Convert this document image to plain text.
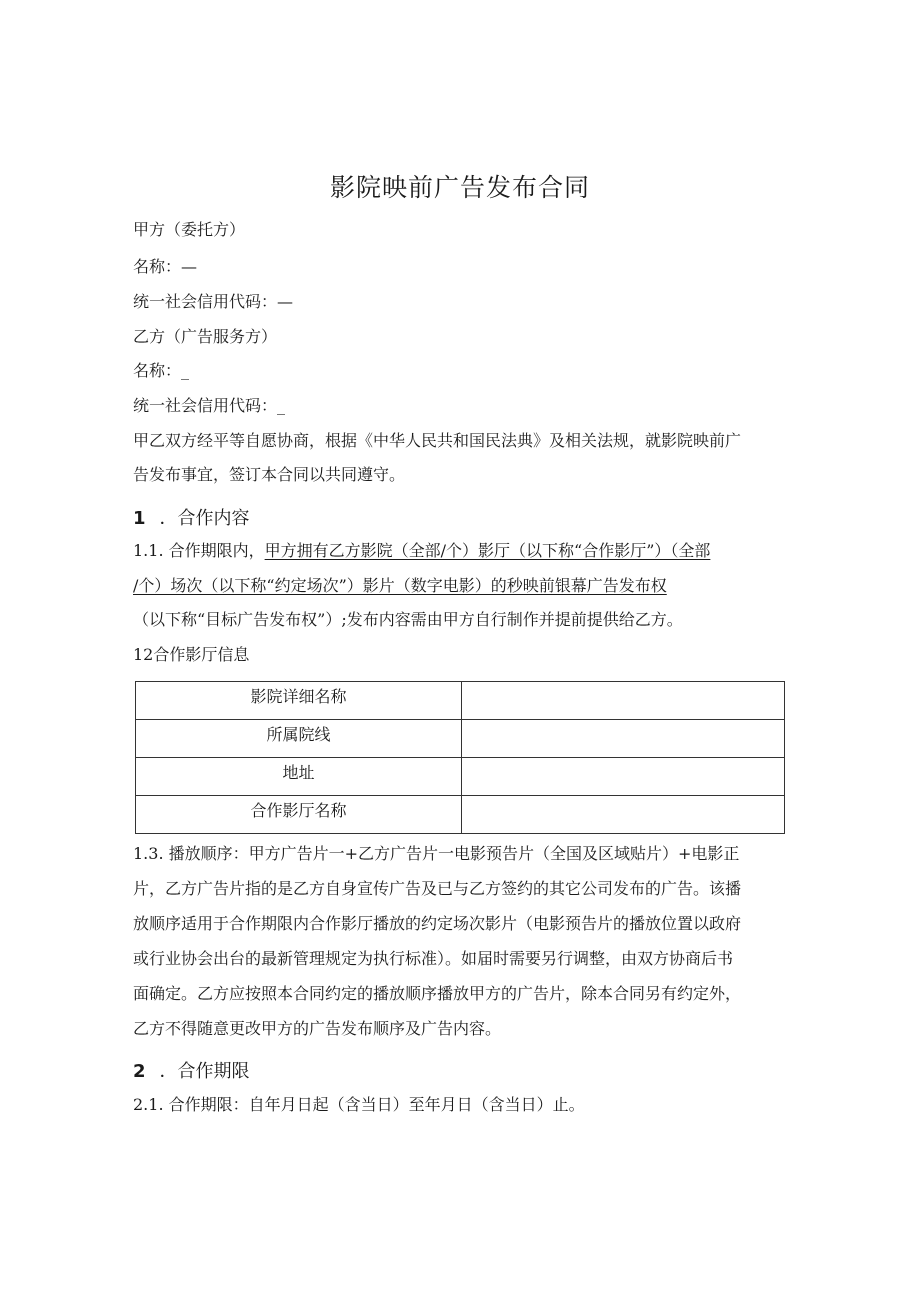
影院映前广告发布合同
甲方（委托方）
名称：—
统一社会信用代码：—
乙方（广告服务方）
名称：_
统一社会信用代码：_
甲乙双方经平等自愿协商，根据《中华人民共和国民法典》及相关法规，就影院映前广
告发布事宜，签订本合同以共同遵守。
1 ．合作内容
1.1. 合作期限内，甲方拥有乙方影院（全部/个）影厅（以下称“合作影厅”）（全部
/个）场次（以下称“约定场次”）影片（数字电影）的秒映前银幕广告发布权
（以下称“目标广告发布权”）;发布内容需由甲方自行制作并提前提供给乙方。
12合作影厅信息
影院详细名称	
所属院线	
地址	
合作影厅名称	
1.3. 播放顺序：甲方广告片一+乙方广告片一电影预告片（全国及区域贴片）+电影正
片，乙方广告片指的是乙方自身宣传广告及已与乙方签约的其它公司发布的广告。该播
放顺序适用于合作期限内合作影厅播放的约定场次影片（电影预告片的播放位置以政府
或行业协会出台的最新管理规定为执行标准）。如届时需要另行调整，由双方协商后书
面确定。乙方应按照本合同约定的播放顺序播放甲方的广告片，除本合同另有约定外，
乙方不得随意更改甲方的广告发布顺序及广告内容。
2 ．合作期限
2.1. 合作期限：自年月日起（含当日）至年月日（含当日）止。
